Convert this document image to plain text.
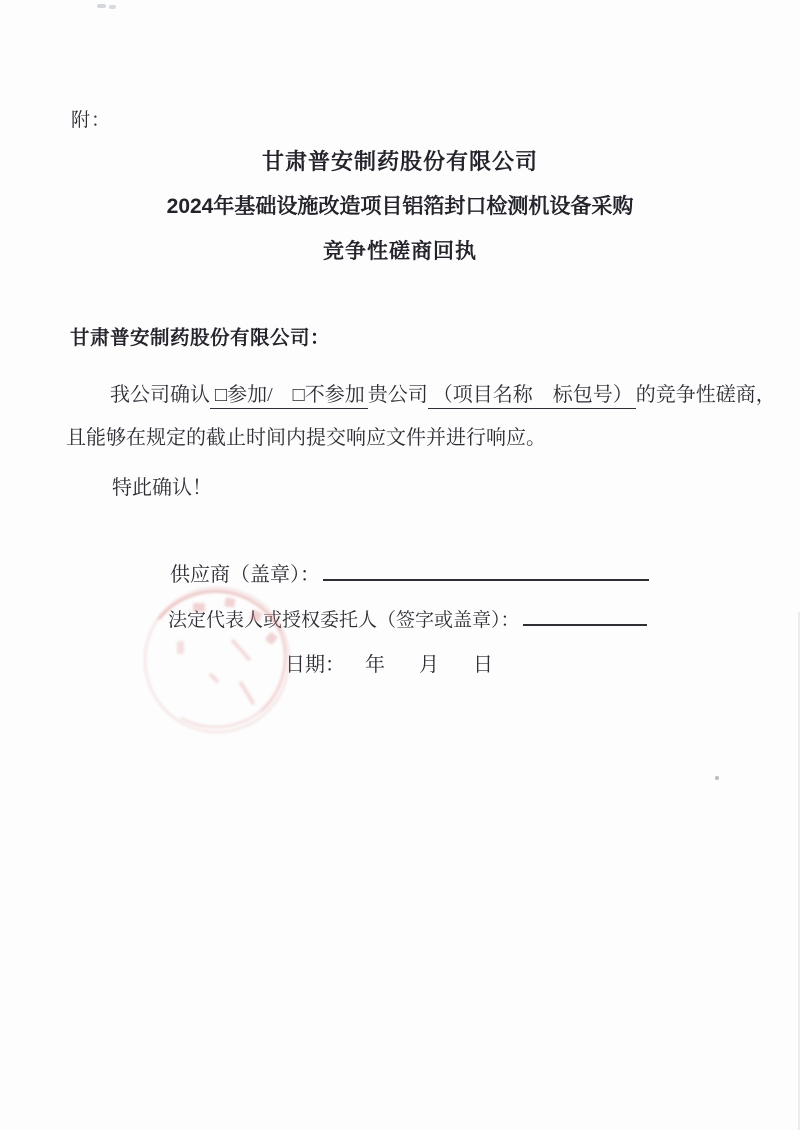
附：
甘肃普安制药股份有限公司
2024年基础设施改造项目铝箔封口检测机设备采购
竞争性磋商回执
甘肃普安制药股份有限公司：
我公司确认 □参加/　□不参加 贵公司 （项目名称　标包号） 的竞争性磋商，
且能够在规定的截止时间内提交响应文件并进行响应。
特此确认！
供应商（盖章）：
法定代表人或授权委托人（签字或盖章）：
日期： 年 月 日
